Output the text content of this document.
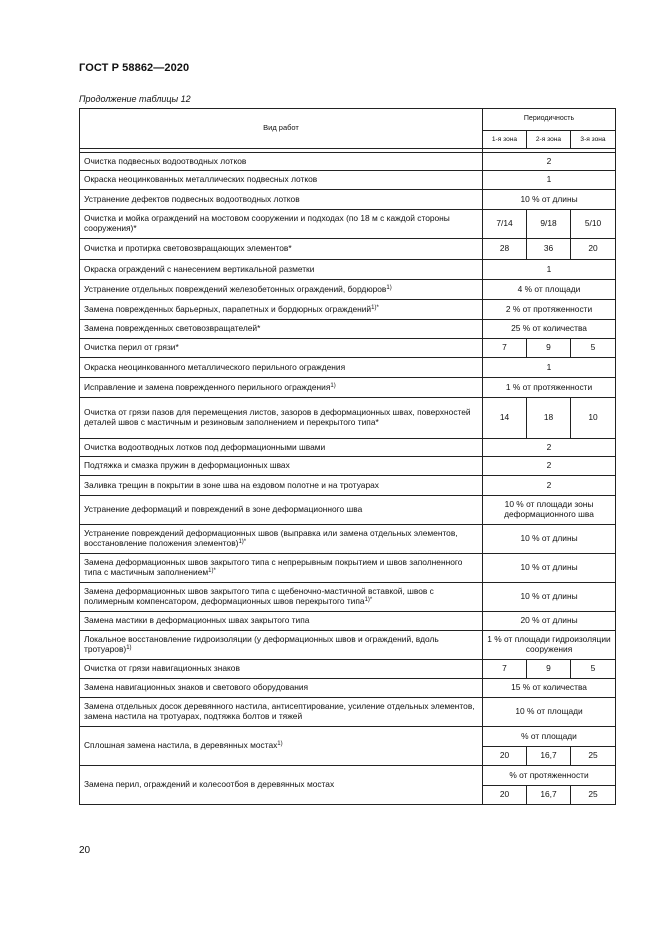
ГОСТ Р 58862—2020
Продолжение таблицы 12
Вид работ	Периодичность		
	1-я зона	2-я зона	3-я зона

Очистка подвесных водоотводных лотков	2		
Окраска неоцинкованных металлических подвесных лотков	1		
Устранение дефектов подвесных водоотводных лотков	10 % от длины		
Очистка и мойка ограждений на мостовом сооружении и подходах (по 18 м с каждой стороны сооружения)*	7/14	9/18	5/10
Очистка и протирка световозвращающих элементов*	28	36	20
Окраска ограждений с нанесением вертикальной разметки	1		
Устранение отдельных повреждений железобетонных ограждений, бордюров$^{1)}$	4 % от площади		
Замена поврежденных барьерных, парапетных и бордюрных ограждений$^{1)*}$	2 % от протяженности		
Замена поврежденных световозвращателей*	25 % от количества		
Очистка перил от грязи*	7	9	5
Окраска неоцинкованного металлического перильного ограждения	1		
Исправление и замена поврежденного перильного ограждения$^{1)}$	1 % от протяженности		
Очистка от грязи пазов для перемещения листов, зазоров в деформационных швах, поверхностей деталей швов с мастичным и резиновым заполнением и перекрытого типа*	14	18	10
Очистка водоотводных лотков под деформационными швами	2		
Подтяжка и смазка пружин в деформационных швах	2		
Заливка трещин в покрытии в зоне шва на ездовом полотне и на тротуарах	2		
Устранение деформаций и повреждений в зоне деформационного шва	10 % от площади зоны деформационного шва		
Устранение повреждений деформационных швов (выправка или замена отдельных элементов, восстановление положения элементов)$^{1)*}$	10 % от длины		
Замена деформационных швов закрытого типа с непрерывным покрытием и швов заполненного типа с мастичным заполнением$^{1)*}$	10 % от длины		
Замена деформационных швов закрытого типа с щебеночно-мастичной вставкой, швов с полимерным компенсатором, деформационных швов перекрытого типа$^{1)*}$	10 % от длины		
Замена мастики в деформационных швах закрытого типа	20 % от длины		
Локальное восстановление гидроизоляции (у деформационных швов и ограждений, вдоль тротуаров)$^{1)}$	1 % от площади гидроизоляции сооружения		
Очистка от грязи навигационных знаков	7	9	5
Замена навигационных знаков и светового оборудования	15 % от количества		
Замена отдельных досок деревянного настила, антисептирование, усиление отдельных элементов, замена настила на тротуарах, подтяжка болтов и тяжей	10 % от площади		
Сплошная замена настила, в деревянных мостах$^{1)}$	% от площади		
	20	16,7	25
Замена перил, ограждений и колесоотбоя в деревянных мостах	% от протяженности		
	20	16,7	25
20
